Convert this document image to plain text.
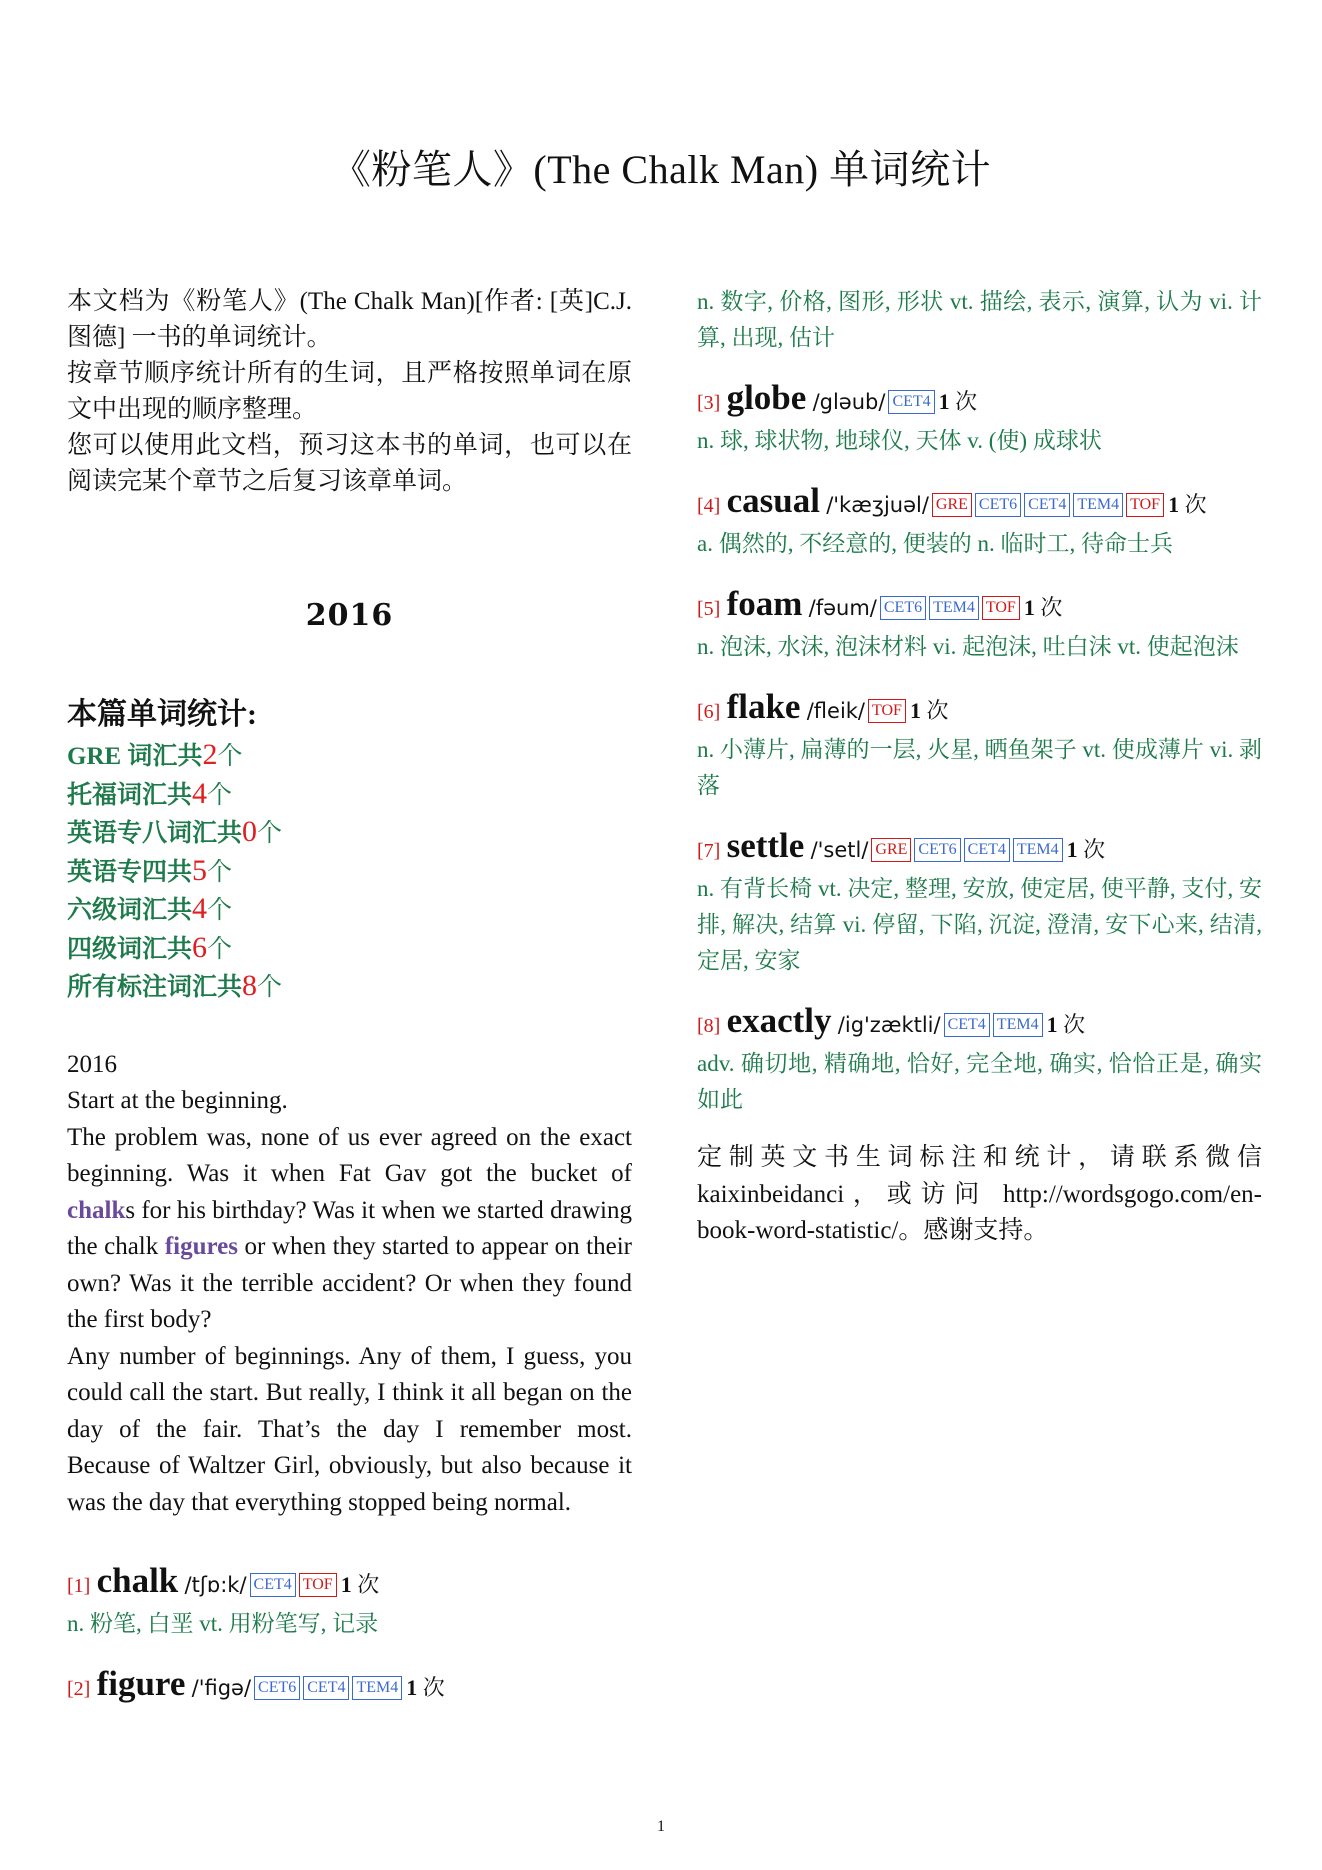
《粉笔人》(The Chalk Man) 单词统计

本文档为《粉笔人》(The Chalk Man)[作者: [英]C.J. 图德] 一书的单词统计。

按章节顺序统计所有的生词，且严格按照单词在原文中出现的顺序整理。

您可以使用此文档，预习这本书的单词，也可以在阅读完某个章节之后复习该章单词。

2016
本篇单词统计:
GRE 词汇共2个
托福词汇共4个
英语专八词汇共0个
英语专四共5个
六级词汇共4个
四级词汇共6个
所有标注词汇共8个
2016
Start at the beginning.
The problem was, none of us ever agreed on the exact beginning. Was it when Fat Gav got the bucket of chalks for his birthday? Was it when we started drawing the chalk figures or when they started to appear on their own? Was it the terrible accident? Or when they found the first body?
Any number of beginnings. Any of them, I guess, you could call the start. But really, I think it all began on the day of the fair. That’s the day I remember most. Because of Waltzer Girl, obviously, but also because it was the day that everything stopped being normal.
[1] chalk /tʃɒ:k/ CET4 TOF 1 次
n. 粉笔, 白垩 vt. 用粉笔写, 记录
[2] figure /'figə/ CET6 CET4 TEM4 1 次
n. 数字, 价格, 图形, 形状 vt. 描绘, 表示, 演算, 认为 vi. 计算, 出现, 估计
[3] globe /gləub/ CET4 1 次
n. 球, 球状物, 地球仪, 天体 v. (使) 成球状
[4] casual /'kæʒjuəl/ GRE CET6 CET4 TEM4 TOF 1 次
a. 偶然的, 不经意的, 便装的 n. 临时工, 待命士兵
[5] foam /fəum/ CET6 TEM4 TOF 1 次
n. 泡沫, 水沫, 泡沫材料 vi. 起泡沫, 吐白沫 vt. 使起泡沫
[6] flake /fleik/ TOF 1 次
n. 小薄片, 扁薄的一层, 火星, 晒鱼架子 vt. 使成薄片 vi. 剥落
[7] settle /'setl/ GRE CET6 CET4 TEM4 1 次
n. 有背长椅 vt. 决定, 整理, 安放, 使定居, 使平静, 支付, 安排, 解决, 结算 vi. 停留, 下陷, 沉淀, 澄清, 安下心来, 结清, 定居, 安家
[8] exactly /ig'zæktli/ CET4 TEM4 1 次
adv. 确切地, 精确地, 恰好, 完全地, 确实, 恰恰正是, 确实如此
定制英文书生词标注和统计，请联系微信 kaixinbeidanci，或访问 http://wordsgogo.com/en-book-word-statistic/。感谢支持。
1
